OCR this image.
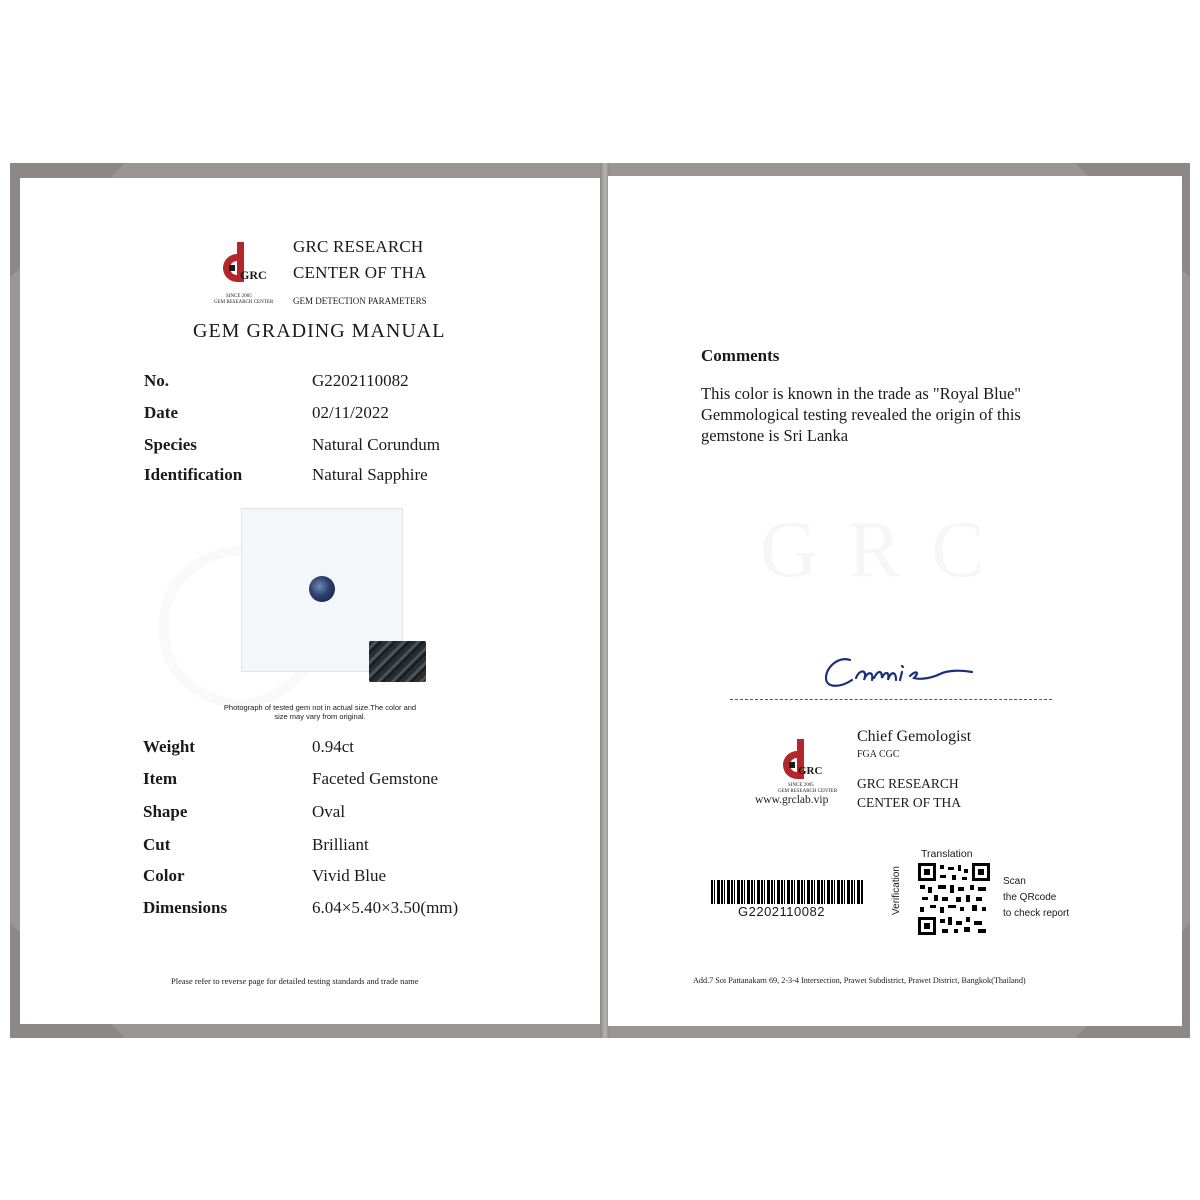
GRC
SINCE 2005
GEM RESEARCH CENTER
GRC RESEARCH
CENTER OF THA
GEM DETECTION PARAMETERS
GEM GRADING MANUAL
No.	G2202110082
Date	02/11/2022
Species	Natural Corundum
Identification	Natural Sapphire
Photograph of tested gem not in actual size.The color and
size may vary from original.
Weight	0.94ct
Item	Faceted Gemstone
Shape	Oval
Cut	Brilliant
Color	Vivid Blue
Dimensions	6.04×5.40×3.50(mm)
Please refer to reverse page for detailed testing standards and trade name
Comments
This color is known in the trade as "Royal Blue"
Gemmological testing revealed the origin of this
gemstone is Sri Lanka
GRC
SINCE 2005
GEM RESEARCH CENTER
www.grclab.vip
Chief Gemologist
FGA CGC
GRC RESEARCH
CENTER OF THA
G2202110082
Translation
Verification	Scan
the QRcode
to check report
Add.7 Soi Pattanakarn 69, 2-3-4 Intersection, Prawet Subdistrict, Prawet District, Bangkok(Thailand)
